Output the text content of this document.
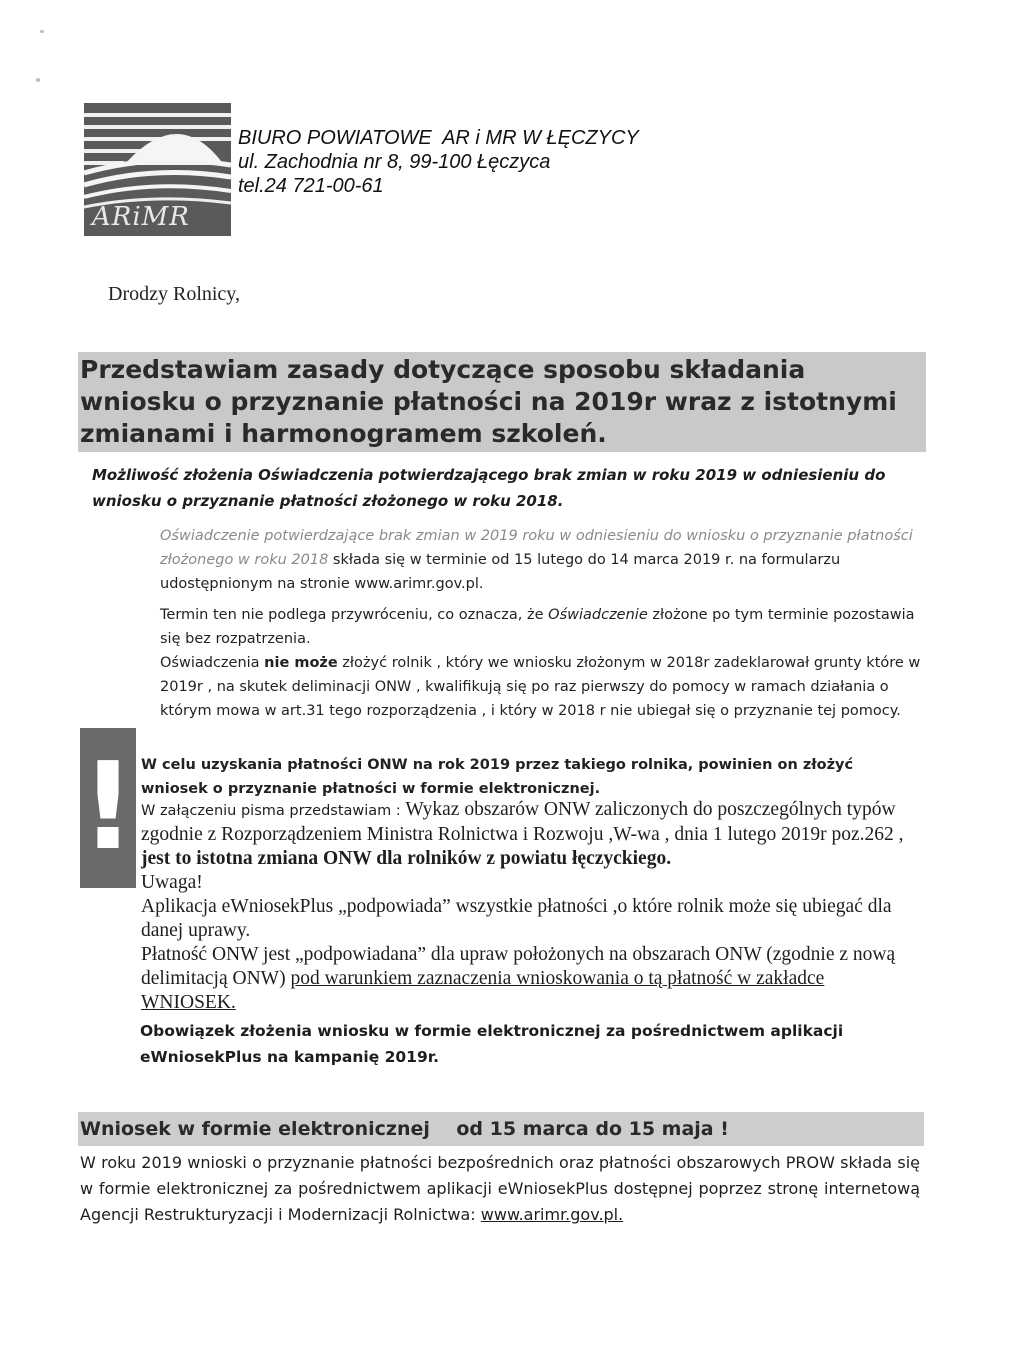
ARiMR
BIURO POWIATOWE  AR i MR W ŁĘCZYCY
ul. Zachodnia nr 8, 99-100 Łęczyca
tel.24 721-00-61
Drodzy Rolnicy,
Przedstawiam zasady dotyczące sposobu składania wniosku o przyznanie płatności na 2019r wraz z istotnymi zmianami i harmonogramem szkoleń.
Możliwość złożenia Oświadczenia potwierdzającego brak zmian w roku 2019 w odniesieniu do wniosku o przyznanie płatności złożonego w roku 2018.
Oświadczenie potwierdzające brak zmian w 2019 roku w odniesieniu do wniosku o przyznanie płatności złożonego w roku 2018 składa się w terminie od 15 lutego do 14 marca 2019 r. na formularzu udostępnionym na stronie www.arimr.gov.pl.
Termin ten nie podlega przywróceniu, co oznacza, że Oświadczenie złożone po tym terminie pozostawia się bez rozpatrzenia.
Oświadczenia nie może złożyć rolnik , który we wniosku złożonym w 2018r zadeklarował grunty które w 2019r , na skutek deliminacji ONW , kwalifikują się po raz pierwszy do pomocy w ramach działania o którym mowa w art.31 tego rozporządzenia , i który w 2018 r nie ubiegał się o przyznanie tej pomocy.
! W celu uzyskania płatności ONW na rok 2019 przez takiego rolnika, powinien on złożyć wniosek o przyznanie płatności w formie elektronicznej.
W załączeniu pisma przedstawiam : Wykaz obszarów ONW zaliczonych do poszczególnych typów zgodnie z Rozporządzeniem Ministra Rolnictwa i Rozwoju ,W-wa , dnia 1 lutego 2019r poz.262 , jest to istotna zmiana ONW dla rolników z powiatu łęczyckiego.
Uwaga!
Aplikacja eWniosekPlus „podpowiada” wszystkie płatności ,o które rolnik może się ubiegać dla danej uprawy.
Płatność ONW jest „podpowiadana” dla upraw położonych na obszarach ONW (zgodnie z nową delimitacją ONW) pod warunkiem zaznaczenia wnioskowania o tą płatność w zakładce WNIOSEK.
Obowiązek złożenia wniosku w formie elektronicznej za pośrednictwem aplikacji eWniosekPlus na kampanię 2019r.
Wniosek w formie elektronicznej    od 15 marca do 15 maja !
W roku 2019 wnioski o przyznanie płatności bezpośrednich oraz płatności obszarowych PROW składa się w formie elektronicznej za pośrednictwem aplikacji eWniosekPlus dostępnej poprzez stronę internetową Agencji Restrukturyzacji i Modernizacji Rolnictwa: www.arimr.gov.pl.
